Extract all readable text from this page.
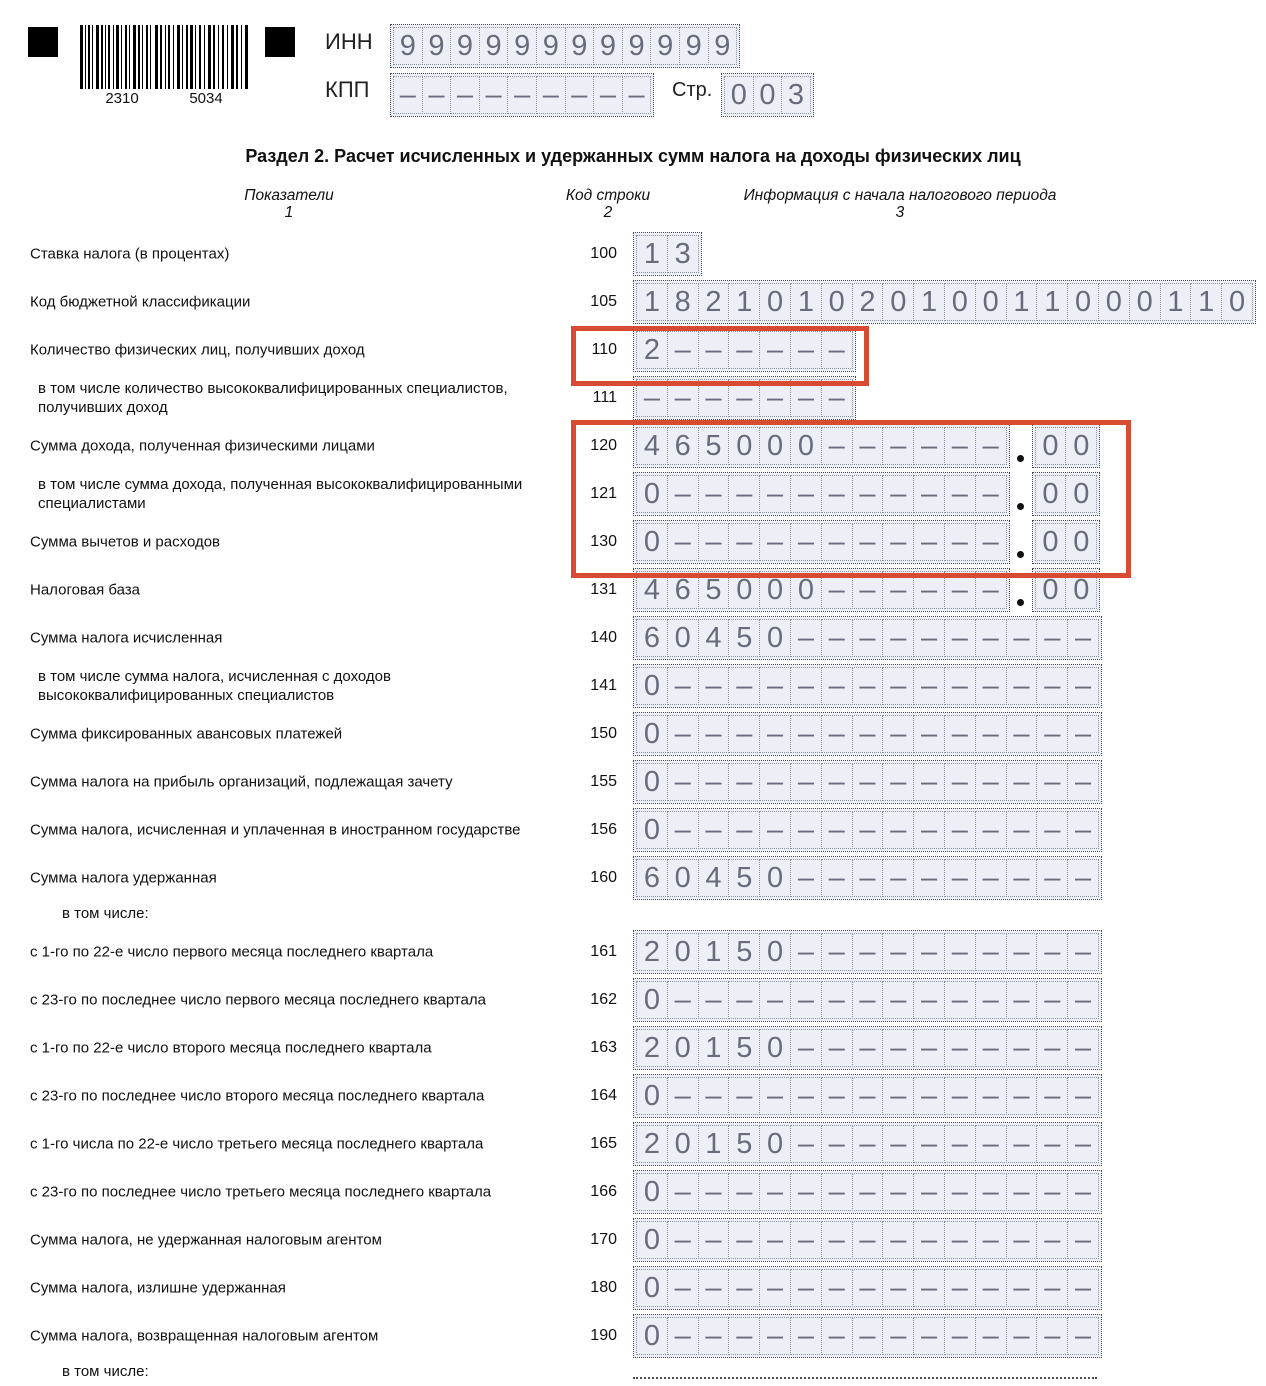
2310	5034
ИНН 9 9 9 9 9 9 9 9 9 9 9 9
КПП – – – – – – – – –	Стр. 0 0 3
Раздел 2. Расчет исчисленных и удержанных сумм налога на доходы физических лиц
Показатели
1
Код строки
2
Информация с начала налогового периода
3
Ставка налога (в процентах)	100 1 3
Код бюджетной классификации	105 1 8 2 1 0 1 0 2 0 1 0 0 1 1 0 0 0 1 1 0
Количество физических лиц, получивших доход	110 2 – – – – – –
в том числе количество высококвалифицированных специалистов, получивших доход
111 – – – – – – –
Сумма дохода, полученная физическими лицами	120 4 6 5 0 0 0 – – – – – – 0 0
в том числе сумма дохода, полученная высококвалифицированными специалистами
121 0 – – – – – – – – – – – 0 0
Сумма вычетов и расходов	130 0 – – – – – – – – – – – 0 0
Налоговая база	131 4 6 5 0 0 0 – – – – – – 0 0
Сумма налога исчисленная	140 6 0 4 5 0 – – – – – – – – – –
в том числе сумма налога, исчисленная с доходов высококвалифицированных специалистов
141 0 – – – – – – – – – – – – – –
Сумма фиксированных авансовых платежей	150 0 – – – – – – – – – – – – – –
Сумма налога на прибыль организаций, подлежащая зачету	155 0 – – – – – – – – – – – – – –
Сумма налога, исчисленная и уплаченная в иностранном государстве	156 0 – – – – – – – – – – – – – –
Сумма налога удержанная	160 6 0 4 5 0 – – – – – – – – – –
в том числе:
с 1-го по 22-е число первого месяца последнего квартала	161 2 0 1 5 0 – – – – – – – – – –
с 23-го по последнее число первого месяца последнего квартала	162 0 – – – – – – – – – – – – – –
с 1-го по 22-е число второго месяца последнего квартала	163 2 0 1 5 0 – – – – – – – – – –
с 23-го по последнее число второго месяца последнего квартала	164 0 – – – – – – – – – – – – – –
с 1-го числа по 22-е число третьего месяца последнего квартала	165 2 0 1 5 0 – – – – – – – – – –
с 23-го по последнее число третьего месяца последнего квартала	166 0 – – – – – – – – – – – – – –
Сумма налога, не удержанная налоговым агентом	170 0 – – – – – – – – – – – – – –
Сумма налога, излишне удержанная	180 0 – – – – – – – – – – – – – –
Сумма налога, возвращенная налоговым агентом	190 0 – – – – – – – – – – – – – –
в том числе:
